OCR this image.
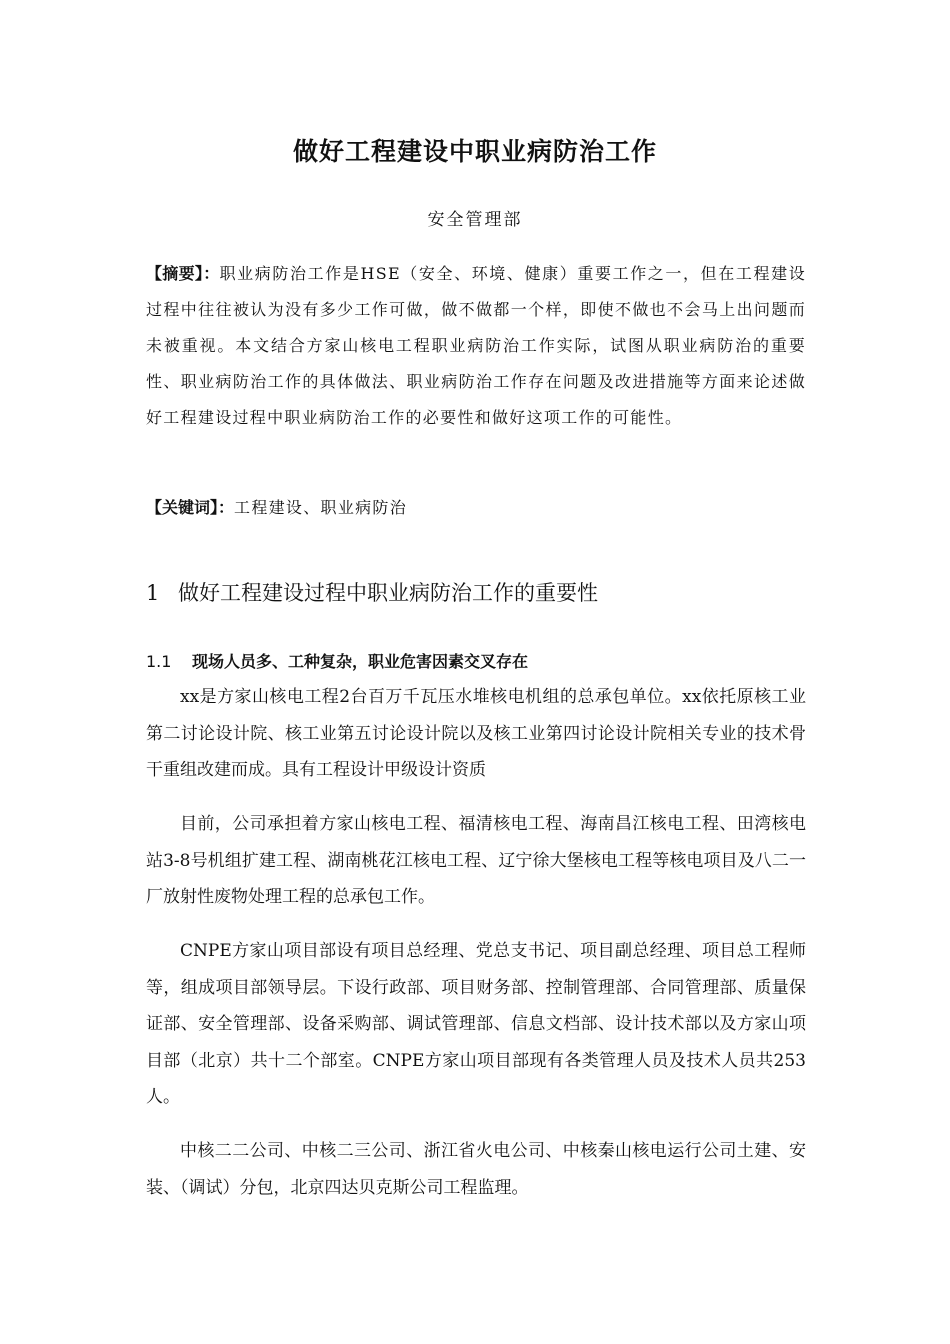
做好工程建设中职业病防治工作
安全管理部

【摘要】：职业病防治工作是HSE（安全、环境、健康）重要工作之一，但在工程建设过程中往往被认为没有多少工作可做，做不做都一个样，即使不做也不会马上出问题而未被重视。本文结合方家山核电工程职业病防治工作实际，试图从职业病防治的重要性、职业病防治工作的具体做法、职业病防治工作存在问题及改进措施等方面来论述做好工程建设过程中职业病防治工作的必要性和做好这项工作的可能性。

【关键词】：工程建设、职业病防治

1 做好工程建设过程中职业病防治工作的重要性
1.1 现场人员多、工种复杂，职业危害因素交叉存在

xx是方家山核电工程2台百万千瓦压水堆核电机组的总承包单位。xx依托原核工业第二讨论设计院、核工业第五讨论设计院以及核工业第四讨论设计院相关专业的技术骨干重组改建而成。具有工程设计甲级设计资质

目前，公司承担着方家山核电工程、福清核电工程、海南昌江核电工程、田湾核电站3-8号机组扩建工程、湖南桃花江核电工程、辽宁徐大堡核电工程等核电项目及八二一厂放射性废物处理工程的总承包工作。

CNPE方家山项目部设有项目总经理、党总支书记、项目副总经理、项目总工程师等，组成项目部领导层。下设行政部、项目财务部、控制管理部、合同管理部、质量保证部、安全管理部、设备采购部、调试管理部、信息文档部、设计技术部以及方家山项目部（北京）共十二个部室。CNPE方家山项目部现有各类管理人员及技术人员共253人。

中核二二公司、中核二三公司、浙江省火电公司、中核秦山核电运行公司土建、安装、（调试）分包，北京四达贝克斯公司工程监理。
